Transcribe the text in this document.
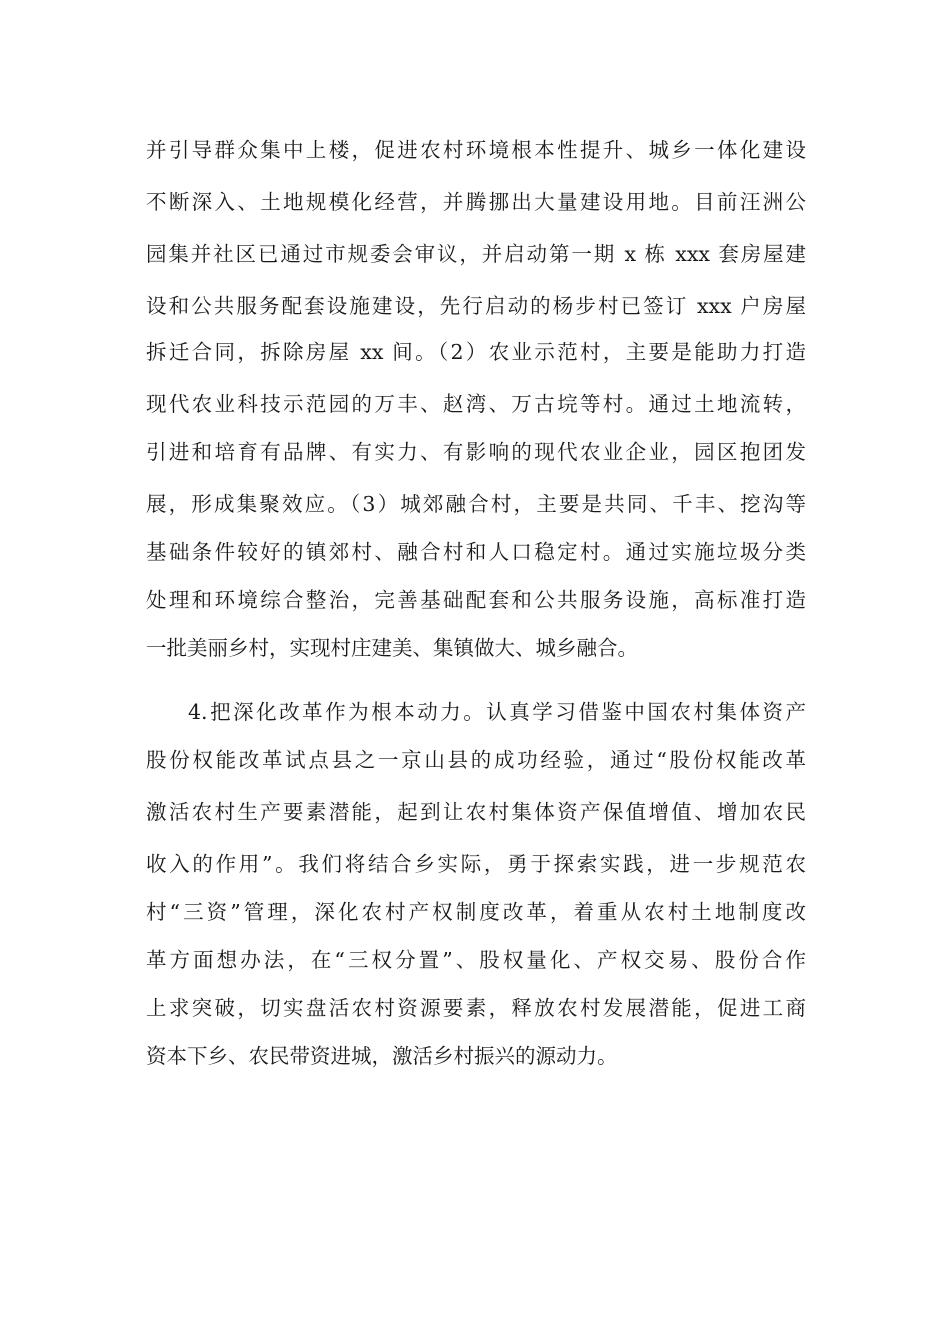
并引导群众集中上楼，促进农村环境根本性提升、城乡一体化建设
不断深入、土地规模化经营，并腾挪出大量建设用地。目前汪洲公
园集并社区已通过市规委会审议，并启动第一期 x 栋 xxx 套房屋建
设和公共服务配套设施建设，先行启动的杨步村已签订 xxx 户房屋
拆迁合同，拆除房屋 xx 间。（2）农业示范村，主要是能助力打造
现代农业科技示范园的万丰、赵湾、万古垸等村。通过土地流转，
引进和培育有品牌、有实力、有影响的现代农业企业，园区抱团发
展，形成集聚效应。（3）城郊融合村，主要是共同、千丰、挖沟等
基础条件较好的镇郊村、融合村和人口稳定村。通过实施垃圾分类
处理和环境综合整治，完善基础配套和公共服务设施，高标准打造
一批美丽乡村，实现村庄建美、集镇做大、城乡融合。
4.把深化改革作为根本动力。认真学习借鉴中国农村集体资产
股份权能改革试点县之一京山县的成功经验，通过“股份权能改革
激活农村生产要素潜能，起到让农村集体资产保值增值、增加农民
收入的作用”。我们将结合乡实际，勇于探索实践，进一步规范农
村“三资”管理，深化农村产权制度改革，着重从农村土地制度改
革方面想办法，在“三权分置”、股权量化、产权交易、股份合作
上求突破，切实盘活农村资源要素，释放农村发展潜能，促进工商
资本下乡、农民带资进城，激活乡村振兴的源动力。
